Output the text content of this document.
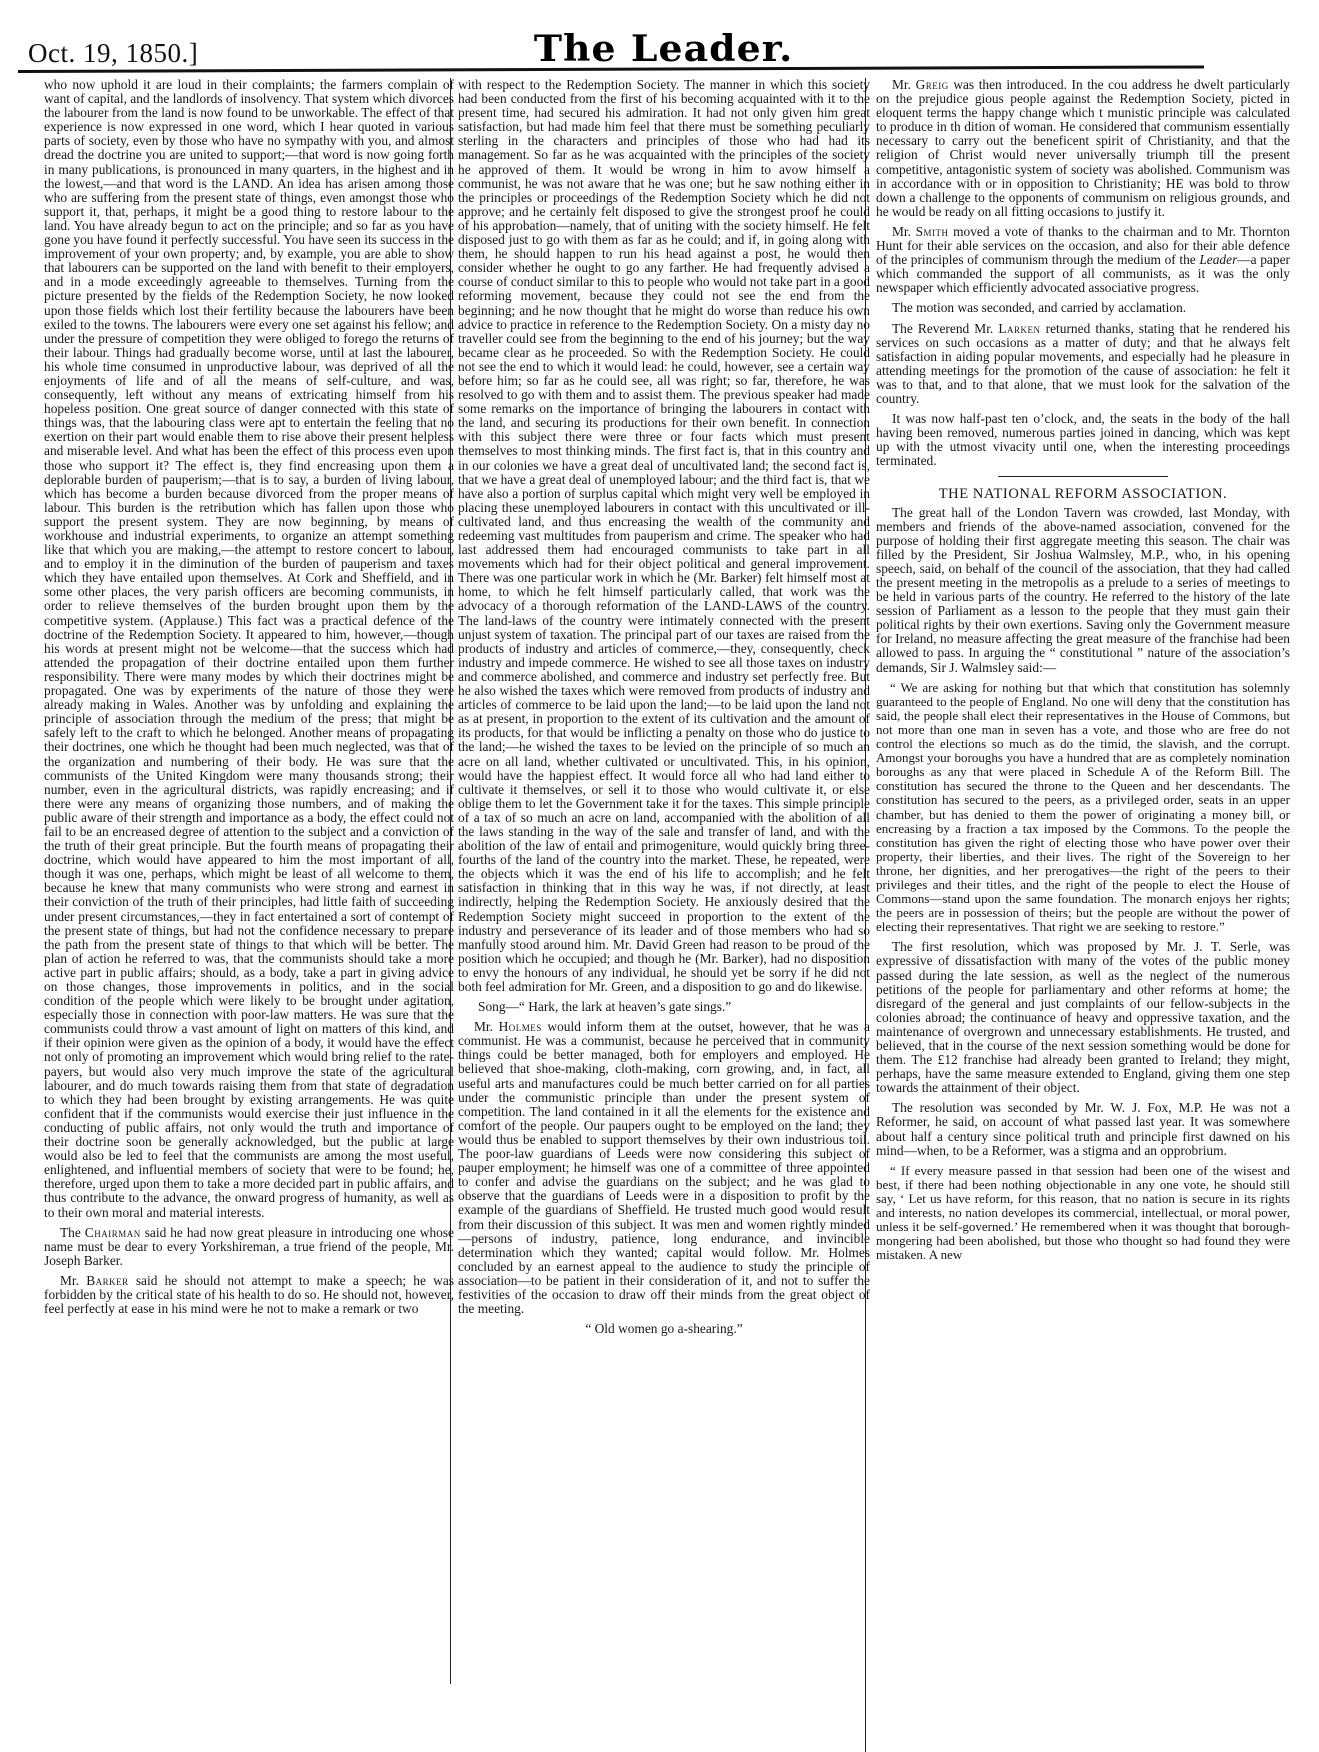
Oct. 19, 1850.]	The Leader.

who now uphold it are loud in their complaints; the farmers complain of want of capital, and the landlords of insolvency. That system which divorces the labourer from the land is now found to be unworkable. The effect of that experience is now expressed in one word, which I hear quoted in various parts of society, even by those who have no sympathy with you, and almost dread the doctrine you are united to support;—that word is now going forth in many publications, is pronounced in many quarters, in the highest and in the lowest,—and that word is the LAND. An idea has arisen among those who are suffering from the present state of things, even amongst those who support it, that, perhaps, it might be a good thing to restore labour to the land. You have already begun to act on the principle; and so far as you have gone you have found it perfectly successful. You have seen its success in the improvement of your own property; and, by example, you are able to show that labourers can be supported on the land with benefit to their employers, and in a mode exceedingly agreeable to themselves. Turning from the picture presented by the fields of the Redemption Society, he now looked upon those fields which lost their fertility because the labourers have been exiled to the towns. The labourers were every one set against his fellow; and under the pressure of competition they were obliged to forego the returns of their labour. Things had gradually become worse, until at last the labourer, his whole time consumed in unproductive labour, was deprived of all the enjoyments of life and of all the means of self-culture, and was, consequently, left without any means of extricating himself from his hopeless position. One great source of danger connected with this state of things was, that the labouring class were apt to entertain the feeling that no exertion on their part would enable them to rise above their present helpless and miserable level. And what has been the effect of this process even upon those who support it? The effect is, they find encreasing upon them a deplorable burden of pauperism;—that is to say, a burden of living labour, which has become a burden because divorced from the proper means of labour. This burden is the retribution which has fallen upon those who support the present system. They are now beginning, by means of workhouse and industrial experiments, to organize an attempt something like that which you are making,—the attempt to restore concert to labour, and to employ it in the diminution of the burden of pauperism and taxes which they have entailed upon themselves. At Cork and Sheffield, and in some other places, the very parish officers are becoming communists, in order to relieve themselves of the burden brought upon them by the competitive system. (Applause.) This fact was a practical defence of the doctrine of the Redemption Society. It appeared to him, however,—though his words at present might not be welcome—that the success which had attended the propagation of their doctrine entailed upon them further responsibility. There were many modes by which their doctrines might be propagated. One was by experiments of the nature of those they were already making in Wales. Another was by unfolding and explaining the principle of association through the medium of the press; that might be safely left to the craft to which he belonged. Another means of propagating their doctrines, one which he thought had been much neglected, was that of the organization and numbering of their body. He was sure that the communists of the United Kingdom were many thousands strong; their number, even in the agricultural districts, was rapidly encreasing; and if there were any means of organizing those numbers, and of making the public aware of their strength and importance as a body, the effect could not fail to be an encreased degree of attention to the subject and a conviction of the truth of their great principle. But the fourth means of propagating their doctrine, which would have appeared to him the most important of all, though it was one, perhaps, which might be least of all welcome to them, because he knew that many communists who were strong and earnest in their conviction of the truth of their principles, had little faith of succeeding under present circumstances,—they in fact entertained a sort of contempt of the present state of things, but had not the confidence necessary to prepare the path from the present state of things to that which will be better. The plan of action he referred to was, that the communists should take a more active part in public affairs; should, as a body, take a part in giving advice on those changes, those improvements in politics, and in the social condition of the people which were likely to be brought under agitation, especially those in connection with poor-law matters. He was sure that the communists could throw a vast amount of light on matters of this kind, and if their opinion were given as the opinion of a body, it would have the effect not only of promoting an improvement which would bring relief to the rate-payers, but would also very much improve the state of the agricultural labourer, and do much towards raising them from that state of degradation to which they had been brought by existing arrangements. He was quite confident that if the communists would exercise their just influence in the conducting of public affairs, not only would the truth and importance of their doctrine soon be generally acknowledged, but the public at large would also be led to feel that the communists are among the most useful, enlightened, and influential members of society that were to be found; he, therefore, urged upon them to take a more decided part in public affairs, and thus contribute to the advance, the onward progress of humanity, as well as to their own moral and material interests.

The Chairman said he had now great pleasure in introducing one whose name must be dear to every Yorkshireman, a true friend of the people, Mr. Joseph Barker.

Mr. Barker said he should not attempt to make a speech; he was forbidden by the critical state of his health to do so. He should not, however, feel perfectly at ease in his mind were he not to make a remark or two

with respect to the Redemption Society. The manner in which this society had been conducted from the first of his becoming acquainted with it to the present time, had secured his admiration. It had not only given him great satisfaction, but had made him feel that there must be something peculiarly sterling in the characters and principles of those who had had its management. So far as he was acquainted with the principles of the society he approved of them. It would be wrong in him to avow himself a communist, he was not aware that he was one; but he saw nothing either in the principles or proceedings of the Redemption Society which he did not approve; and he certainly felt disposed to give the strongest proof he could of his approbation—namely, that of uniting with the society himself. He felt disposed just to go with them as far as he could; and if, in going along with them, he should happen to run his head against a post, he would then consider whether he ought to go any farther. He had frequently advised a course of conduct similar to this to people who would not take part in a good reforming movement, because they could not see the end from the beginning; and he now thought that he might do worse than reduce his own advice to practice in reference to the Redemption Society. On a misty day no traveller could see from the beginning to the end of his journey; but the way became clear as he proceeded. So with the Redemption Society. He could not see the end to which it would lead: he could, however, see a certain way before him; so far as he could see, all was right; so far, therefore, he was resolved to go with them and to assist them. The previous speaker had made some remarks on the importance of bringing the labourers in contact with the land, and securing its productions for their own benefit. In connection with this subject there were three or four facts which must present themselves to most thinking minds. The first fact is, that in this country and in our colonies we have a great deal of uncultivated land; the second fact is, that we have a great deal of unemployed labour; and the third fact is, that we have also a portion of surplus capital which might very well be employed in placing these unemployed labourers in contact with this uncultivated or ill-cultivated land, and thus encreasing the wealth of the community and redeeming vast multitudes from pauperism and crime. The speaker who had last addressed them had encouraged communists to take part in all movements which had for their object political and general improvement. There was one particular work in which he (Mr. Barker) felt himself most at home, to which he felt himself particularly called, that work was the advocacy of a thorough reformation of the LAND-LAWS of the country. The land-laws of the country were intimately connected with the present unjust system of taxation. The principal part of our taxes are raised from the products of industry and articles of commerce,—they, consequently, check industry and impede commerce. He wished to see all those taxes on industry and commerce abolished, and commerce and industry set perfectly free. But he also wished the taxes which were removed from products of industry and articles of commerce to be laid upon the land;—to be laid upon the land not as at present, in proportion to the extent of its cultivation and the amount of its products, for that would be inflicting a penalty on those who do justice to the land;—he wished the taxes to be levied on the principle of so much an acre on all land, whether cultivated or uncultivated. This, in his opinion, would have the happiest effect. It would force all who had land either to cultivate it themselves, or sell it to those who would cultivate it, or else oblige them to let the Government take it for the taxes. This simple principle of a tax of so much an acre on land, accompanied with the abolition of all the laws standing in the way of the sale and transfer of land, and with the abolition of the law of entail and primogeniture, would quickly bring three-fourths of the land of the country into the market. These, he repeated, were the objects which it was the end of his life to accomplish; and he felt satisfaction in thinking that in this way he was, if not directly, at least indirectly, helping the Redemption Society. He anxiously desired that the Redemption Society might succeed in proportion to the extent of the industry and perseverance of its leader and of those members who had so manfully stood around him. Mr. David Green had reason to be proud of the position which he occupied; and though he (Mr. Barker), had no disposition to envy the honours of any individual, he should yet be sorry if he did not both feel admiration for Mr. Green, and a disposition to go and do likewise.

Song—“ Hark, the lark at heaven’s gate sings.”

Mr. Holmes would inform them at the outset, however, that he was a communist. He was a communist, because he perceived that in community things could be better managed, both for employers and employed. He believed that shoe-making, cloth-making, corn growing, and, in fact, all useful arts and manufactures could be much better carried on for all parties under the communistic principle than under the present system of competition. The land contained in it all the elements for the existence and comfort of the people. Our paupers ought to be employed on the land; they would thus be enabled to support themselves by their own industrious toil. The poor-law guardians of Leeds were now considering this subject of pauper employment; he himself was one of a committee of three appointed to confer and advise the guardians on the subject; and he was glad to observe that the guardians of Leeds were in a disposition to profit by the example of the guardians of Sheffield. He trusted much good would result from their discussion of this subject. It was men and women rightly minded—persons of industry, patience, long endurance, and invincible determination which they wanted; capital would follow. Mr. Holmes concluded by an earnest appeal to the audience to study the principle of association—to be patient in their consideration of it, and not to suffer the festivities of the occasion to draw off their minds from the great object of the meeting.

“ Old women go a-shearing.”

Mr. Greig was then introduced. In the cou address he dwelt particularly on the prejudice gious people against the Redemption Society, picted in eloquent terms the happy change which t munistic principle was calculated to produce in th dition of woman. He considered that communism essentially necessary to carry out the beneficent spirit of Christianity, and that the religion of Christ would never universally triumph till the present competitive, antagonistic system of society was abolished. Communism was in accordance with or in opposition to Christianity; HE was bold to throw down a challenge to the opponents of communism on religious grounds, and he would be ready on all fitting occasions to justify it.

Mr. Smith moved a vote of thanks to the chairman and to Mr. Thornton Hunt for their able services on the occasion, and also for their able defence of the principles of communism through the medium of the Leader—a paper which commanded the support of all communists, as it was the only newspaper which efficiently advocated associative progress.

The motion was seconded, and carried by acclamation.

The Reverend Mr. Larken returned thanks, stating that he rendered his services on such occasions as a matter of duty; and that he always felt satisfaction in aiding popular movements, and especially had he pleasure in attending meetings for the promotion of the cause of association: he felt it was to that, and to that alone, that we must look for the salvation of the country.

It was now half-past ten o’clock, and, the seats in the body of the hall having been removed, numerous parties joined in dancing, which was kept up with the utmost vivacity until one, when the interesting proceedings terminated.

THE NATIONAL REFORM ASSOCIATION.

The great hall of the London Tavern was crowded, last Monday, with members and friends of the above-named association, convened for the purpose of holding their first aggregate meeting this season. The chair was filled by the President, Sir Joshua Walmsley, M.P., who, in his opening speech, said, on behalf of the council of the association, that they had called the present meeting in the metropolis as a prelude to a series of meetings to be held in various parts of the country. He referred to the history of the late session of Parliament as a lesson to the people that they must gain their political rights by their own exertions. Saving only the Government measure for Ireland, no measure affecting the great measure of the franchise had been allowed to pass. In arguing the “ constitutional ” nature of the association’s demands, Sir J. Walmsley said:—

“ We are asking for nothing but that which that constitution has solemnly guaranteed to the people of England. No one will deny that the constitution has said, the people shall elect their representatives in the House of Commons, but not more than one man in seven has a vote, and those who are free do not control the elections so much as do the timid, the slavish, and the corrupt. Amongst your boroughs you have a hundred that are as completely nomination boroughs as any that were placed in Schedule A of the Reform Bill. The constitution has secured the throne to the Queen and her descendants. The constitution has secured to the peers, as a privileged order, seats in an upper chamber, but has denied to them the power of originating a money bill, or encreasing by a fraction a tax imposed by the Commons. To the people the constitution has given the right of electing those who have power over their property, their liberties, and their lives. The right of the Sovereign to her throne, her dignities, and her prerogatives—the right of the peers to their privileges and their titles, and the right of the people to elect the House of Commons—stand upon the same foundation. The monarch enjoys her rights; the peers are in possession of theirs; but the people are without the power of electing their representatives. That right we are seeking to restore.”

The first resolution, which was proposed by Mr. J. T. Serle, was expressive of dissatisfaction with many of the votes of the public money passed during the late session, as well as the neglect of the numerous petitions of the people for parliamentary and other reforms at home; the disregard of the general and just complaints of our fellow-subjects in the colonies abroad; the continuance of heavy and oppressive taxation, and the maintenance of overgrown and unnecessary establishments. He trusted, and believed, that in the course of the next session something would be done for them. The £12 franchise had already been granted to Ireland; they might, perhaps, have the same measure extended to England, giving them one step towards the attainment of their object.

The resolution was seconded by Mr. W. J. Fox, M.P. He was not a Reformer, he said, on account of what passed last year. It was somewhere about half a century since political truth and principle first dawned on his mind—when, to be a Reformer, was a stigma and an opprobrium.

“ If every measure passed in that session had been one of the wisest and best, if there had been nothing objectionable in any one vote, he should still say, ‘ Let us have reform, for this reason, that no nation is secure in its rights and interests, no nation developes its commercial, intellectual, or moral power, unless it be self-governed.’ He remembered when it was thought that borough-mongering had been abolished, but those who thought so had found they were mistaken. A new
